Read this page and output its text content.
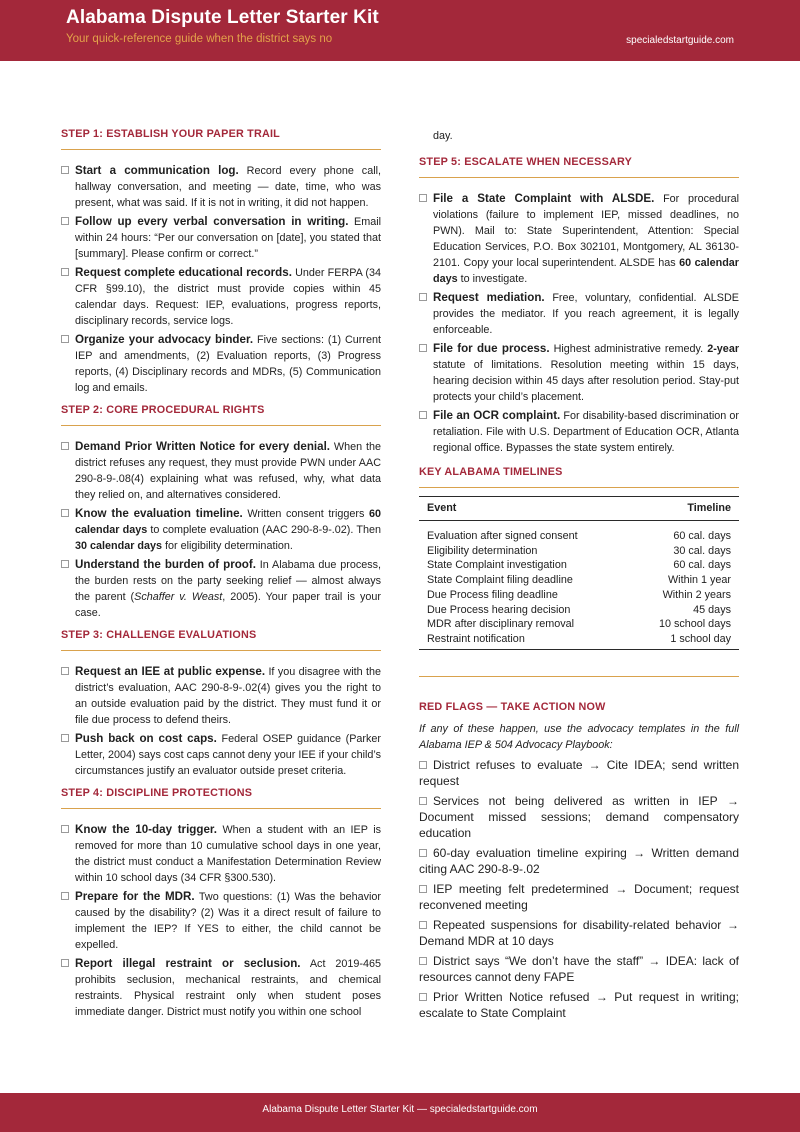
Alabama Dispute Letter Starter Kit
Your quick-reference guide when the district says no	specialedstartguide.com
STEP 1: ESTABLISH YOUR PAPER TRAIL
Start a communication log. Record every phone call, hallway conversation, and meeting — date, time, who was present, what was said. If it is not in writing, it did not happen.
Follow up every verbal conversation in writing. Email within 24 hours: “Per our conversation on [date], you stated that [summary]. Please confirm or correct.”
Request complete educational records. Under FERPA (34 CFR §99.10), the district must provide copies within 45 calendar days. Request: IEP, evaluations, progress reports, disciplinary records, service logs.
Organize your advocacy binder. Five sections: (1) Current IEP and amendments, (2) Evaluation reports, (3) Progress reports, (4) Disciplinary records and MDRs, (5) Communication log and emails.
STEP 2: CORE PROCEDURAL RIGHTS
Demand Prior Written Notice for every denial. When the district refuses any request, they must provide PWN under AAC 290-8-9-.08(4) explaining what was refused, why, what data they relied on, and alternatives considered.
Know the evaluation timeline. Written consent triggers 60 calendar days to complete evaluation (AAC 290-8-9-.02). Then 30 calendar days for eligibility determination.
Understand the burden of proof. In Alabama due process, the burden rests on the party seeking relief — almost always the parent (Schaffer v. Weast, 2005). Your paper trail is your case.
STEP 3: CHALLENGE EVALUATIONS
Request an IEE at public expense. If you disagree with the district’s evaluation, AAC 290-8-9-.02(4) gives you the right to an outside evaluation paid by the district. They must fund it or file due process to defend theirs.
Push back on cost caps. Federal OSEP guidance (Parker Letter, 2004) says cost caps cannot deny your IEE if your child’s circumstances justify an evaluator outside preset criteria.
STEP 4: DISCIPLINE PROTECTIONS
Know the 10-day trigger. When a student with an IEP is removed for more than 10 cumulative school days in one year, the district must conduct a Manifestation Determination Review within 10 school days (34 CFR §300.530).
Prepare for the MDR. Two questions: (1) Was the behavior caused by the disability? (2) Was it a direct result of failure to implement the IEP? If YES to either, the child cannot be expelled.
Report illegal restraint or seclusion. Act 2019-465 prohibits seclusion, mechanical restraints, and chemical restraints. Physical restraint only when student poses immediate danger. District must notify you within one school
day.
STEP 5: ESCALATE WHEN NECESSARY
File a State Complaint with ALSDE. For procedural violations (failure to implement IEP, missed deadlines, no PWN). Mail to: State Superintendent, Attention: Special Education Services, P.O. Box 302101, Montgomery, AL 36130-2101. Copy your local superintendent. ALSDE has 60 calendar days to investigate.
Request mediation. Free, voluntary, confidential. ALSDE provides the mediator. If you reach agreement, it is legally enforceable.
File for due process. Highest administrative remedy. 2-year statute of limitations. Resolution meeting within 15 days, hearing decision within 45 days after resolution period. Stay-put protects your child’s placement.
File an OCR complaint. For disability-based discrimination or retaliation. File with U.S. Department of Education OCR, Atlanta regional office. Bypasses the state system entirely.
KEY ALABAMA TIMELINES
Event	Timeline
Evaluation after signed consent	60 cal. days
Eligibility determination	30 cal. days
State Complaint investigation	60 cal. days
State Complaint filing deadline	Within 1 year
Due Process filing deadline	Within 2 years
Due Process hearing decision	45 days
MDR after disciplinary removal	10 school days
Restraint notification	1 school day
RED FLAGS — TAKE ACTION NOW
If any of these happen, use the advocacy templates in the full Alabama IEP & 504 Advocacy Playbook:
District refuses to evaluate → Cite IDEA; send written request
Services not being delivered as written in IEP → Document missed sessions; demand compensatory education
60-day evaluation timeline expiring → Written demand citing AAC 290-8-9-.02
IEP meeting felt predetermined → Document; request reconvened meeting
Repeated suspensions for disability-related behavior → Demand MDR at 10 days
District says “We don’t have the staff” → IDEA: lack of resources cannot deny FAPE
Prior Written Notice refused → Put request in writing; escalate to State Complaint
Alabama Dispute Letter Starter Kit — specialedstartguide.com
